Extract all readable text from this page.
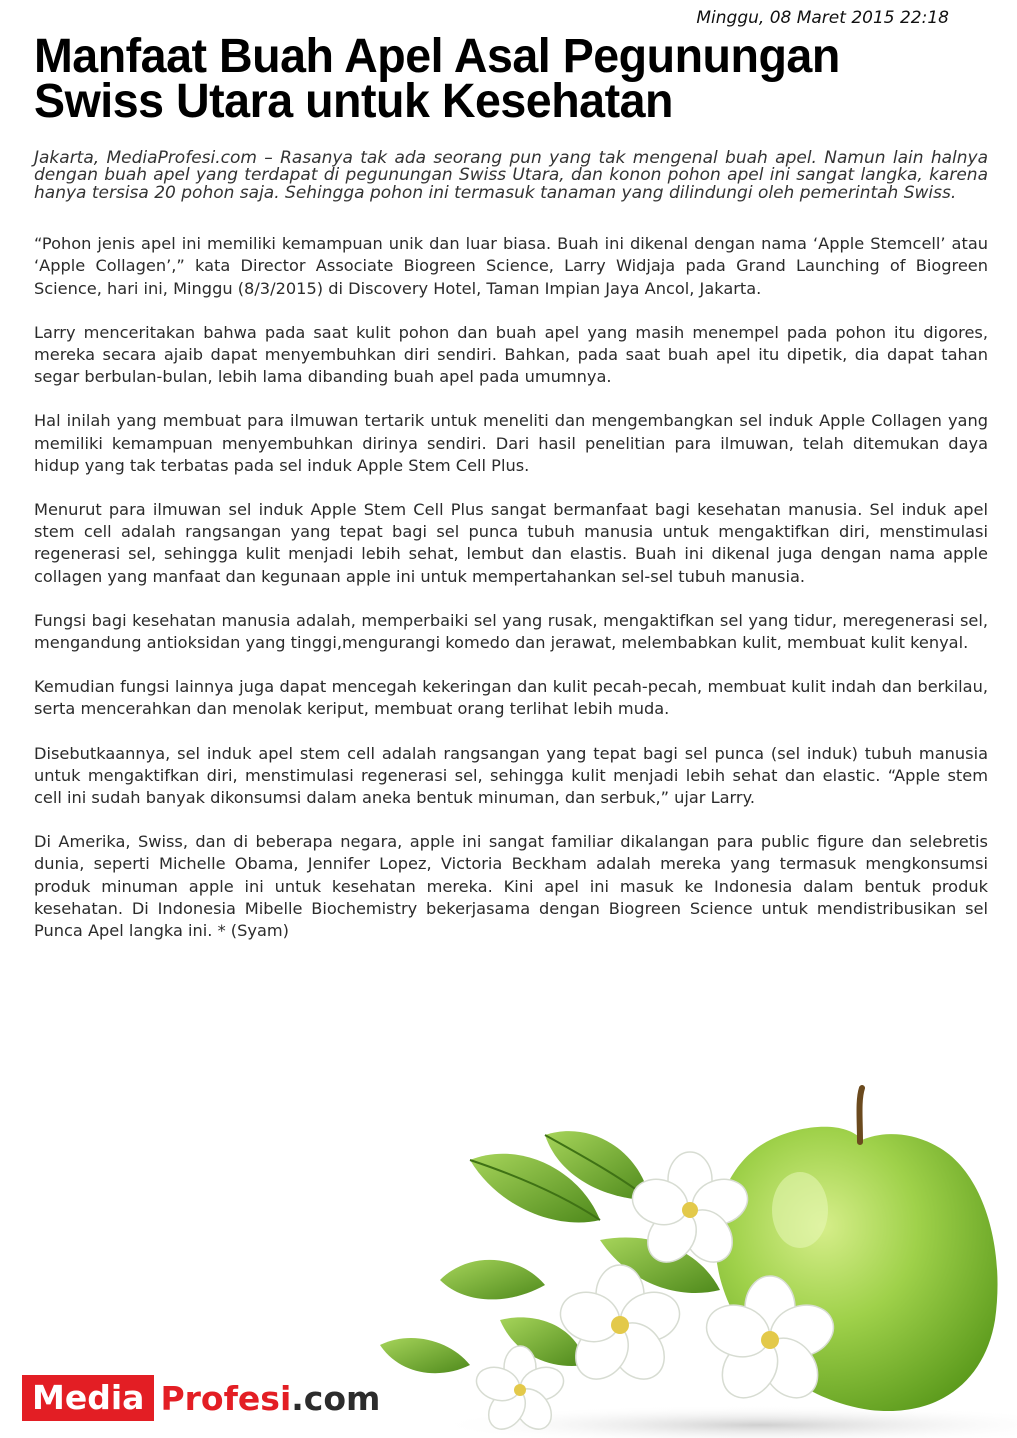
Minggu, 08 Maret 2015 22:18
Manfaat Buah Apel Asal Pegunungan Swiss Utara untuk Kesehatan

Jakarta, MediaProfesi.com – Rasanya tak ada seorang pun yang tak mengenal buah apel. Namun lain halnya dengan buah apel yang terdapat di pegunungan Swiss Utara, dan konon pohon apel ini sangat langka, karena hanya tersisa 20 pohon saja. Sehingga pohon ini termasuk tanaman yang dilindungi oleh pemerintah Swiss.

“Pohon jenis apel ini memiliki kemampuan unik dan luar biasa. Buah ini dikenal dengan nama ‘Apple Stemcell’ atau ‘Apple Collagen’,” kata Director Associate Biogreen Science, Larry Widjaja pada Grand Launching of Biogreen Science, hari ini, Minggu (8/3/2015) di Discovery Hotel, Taman Impian Jaya Ancol, Jakarta.

Larry menceritakan bahwa pada saat kulit pohon dan buah apel yang masih menempel pada pohon itu digores, mereka secara ajaib dapat menyembuhkan diri sendiri. Bahkan, pada saat buah apel itu dipetik, dia dapat tahan segar berbulan-bulan, lebih lama dibanding buah apel pada umumnya.

Hal inilah yang membuat para ilmuwan tertarik untuk meneliti dan mengembangkan sel induk Apple Collagen yang memiliki kemampuan menyembuhkan dirinya sendiri. Dari hasil penelitian para ilmuwan, telah ditemukan daya hidup yang tak terbatas pada sel induk Apple Stem Cell Plus.

Menurut para ilmuwan sel induk Apple Stem Cell Plus sangat bermanfaat bagi kesehatan manusia. Sel induk apel stem cell adalah rangsangan yang tepat bagi sel punca tubuh manusia untuk mengaktifkan diri, menstimulasi regenerasi sel, sehingga kulit menjadi lebih sehat, lembut dan elastis. Buah ini dikenal juga dengan nama apple collagen yang manfaat dan kegunaan apple ini untuk mempertahankan sel-sel tubuh manusia.

Fungsi bagi kesehatan manusia adalah, memperbaiki sel yang rusak, mengaktifkan sel yang tidur, meregenerasi sel, mengandung antioksidan yang tinggi,mengurangi komedo dan jerawat, melembabkan kulit, membuat kulit kenyal.

Kemudian fungsi lainnya juga dapat mencegah kekeringan dan kulit pecah-pecah, membuat kulit indah dan berkilau, serta mencerahkan dan menolak keriput, membuat orang terlihat lebih muda.

Disebutkaannya, sel induk apel stem cell adalah rangsangan yang tepat bagi sel punca (sel induk) tubuh manusia untuk mengaktifkan diri, menstimulasi regenerasi sel, sehingga kulit menjadi lebih sehat dan elastic. “Apple stem cell ini sudah banyak dikonsumsi dalam aneka bentuk minuman, dan serbuk,” ujar Larry.

Di Amerika, Swiss, dan di beberapa negara, apple ini sangat familiar dikalangan para public figure dan selebretis dunia, seperti Michelle Obama, Jennifer Lopez, Victoria Beckham adalah mereka yang termasuk mengkonsumsi produk minuman apple ini untuk kesehatan mereka. Kini apel ini masuk ke Indonesia dalam bentuk produk kesehatan. Di Indonesia Mibelle Biochemistry bekerjasama dengan Biogreen Science untuk mendistribusikan sel Punca Apel langka ini. * (Syam)

Media Profesi .com
